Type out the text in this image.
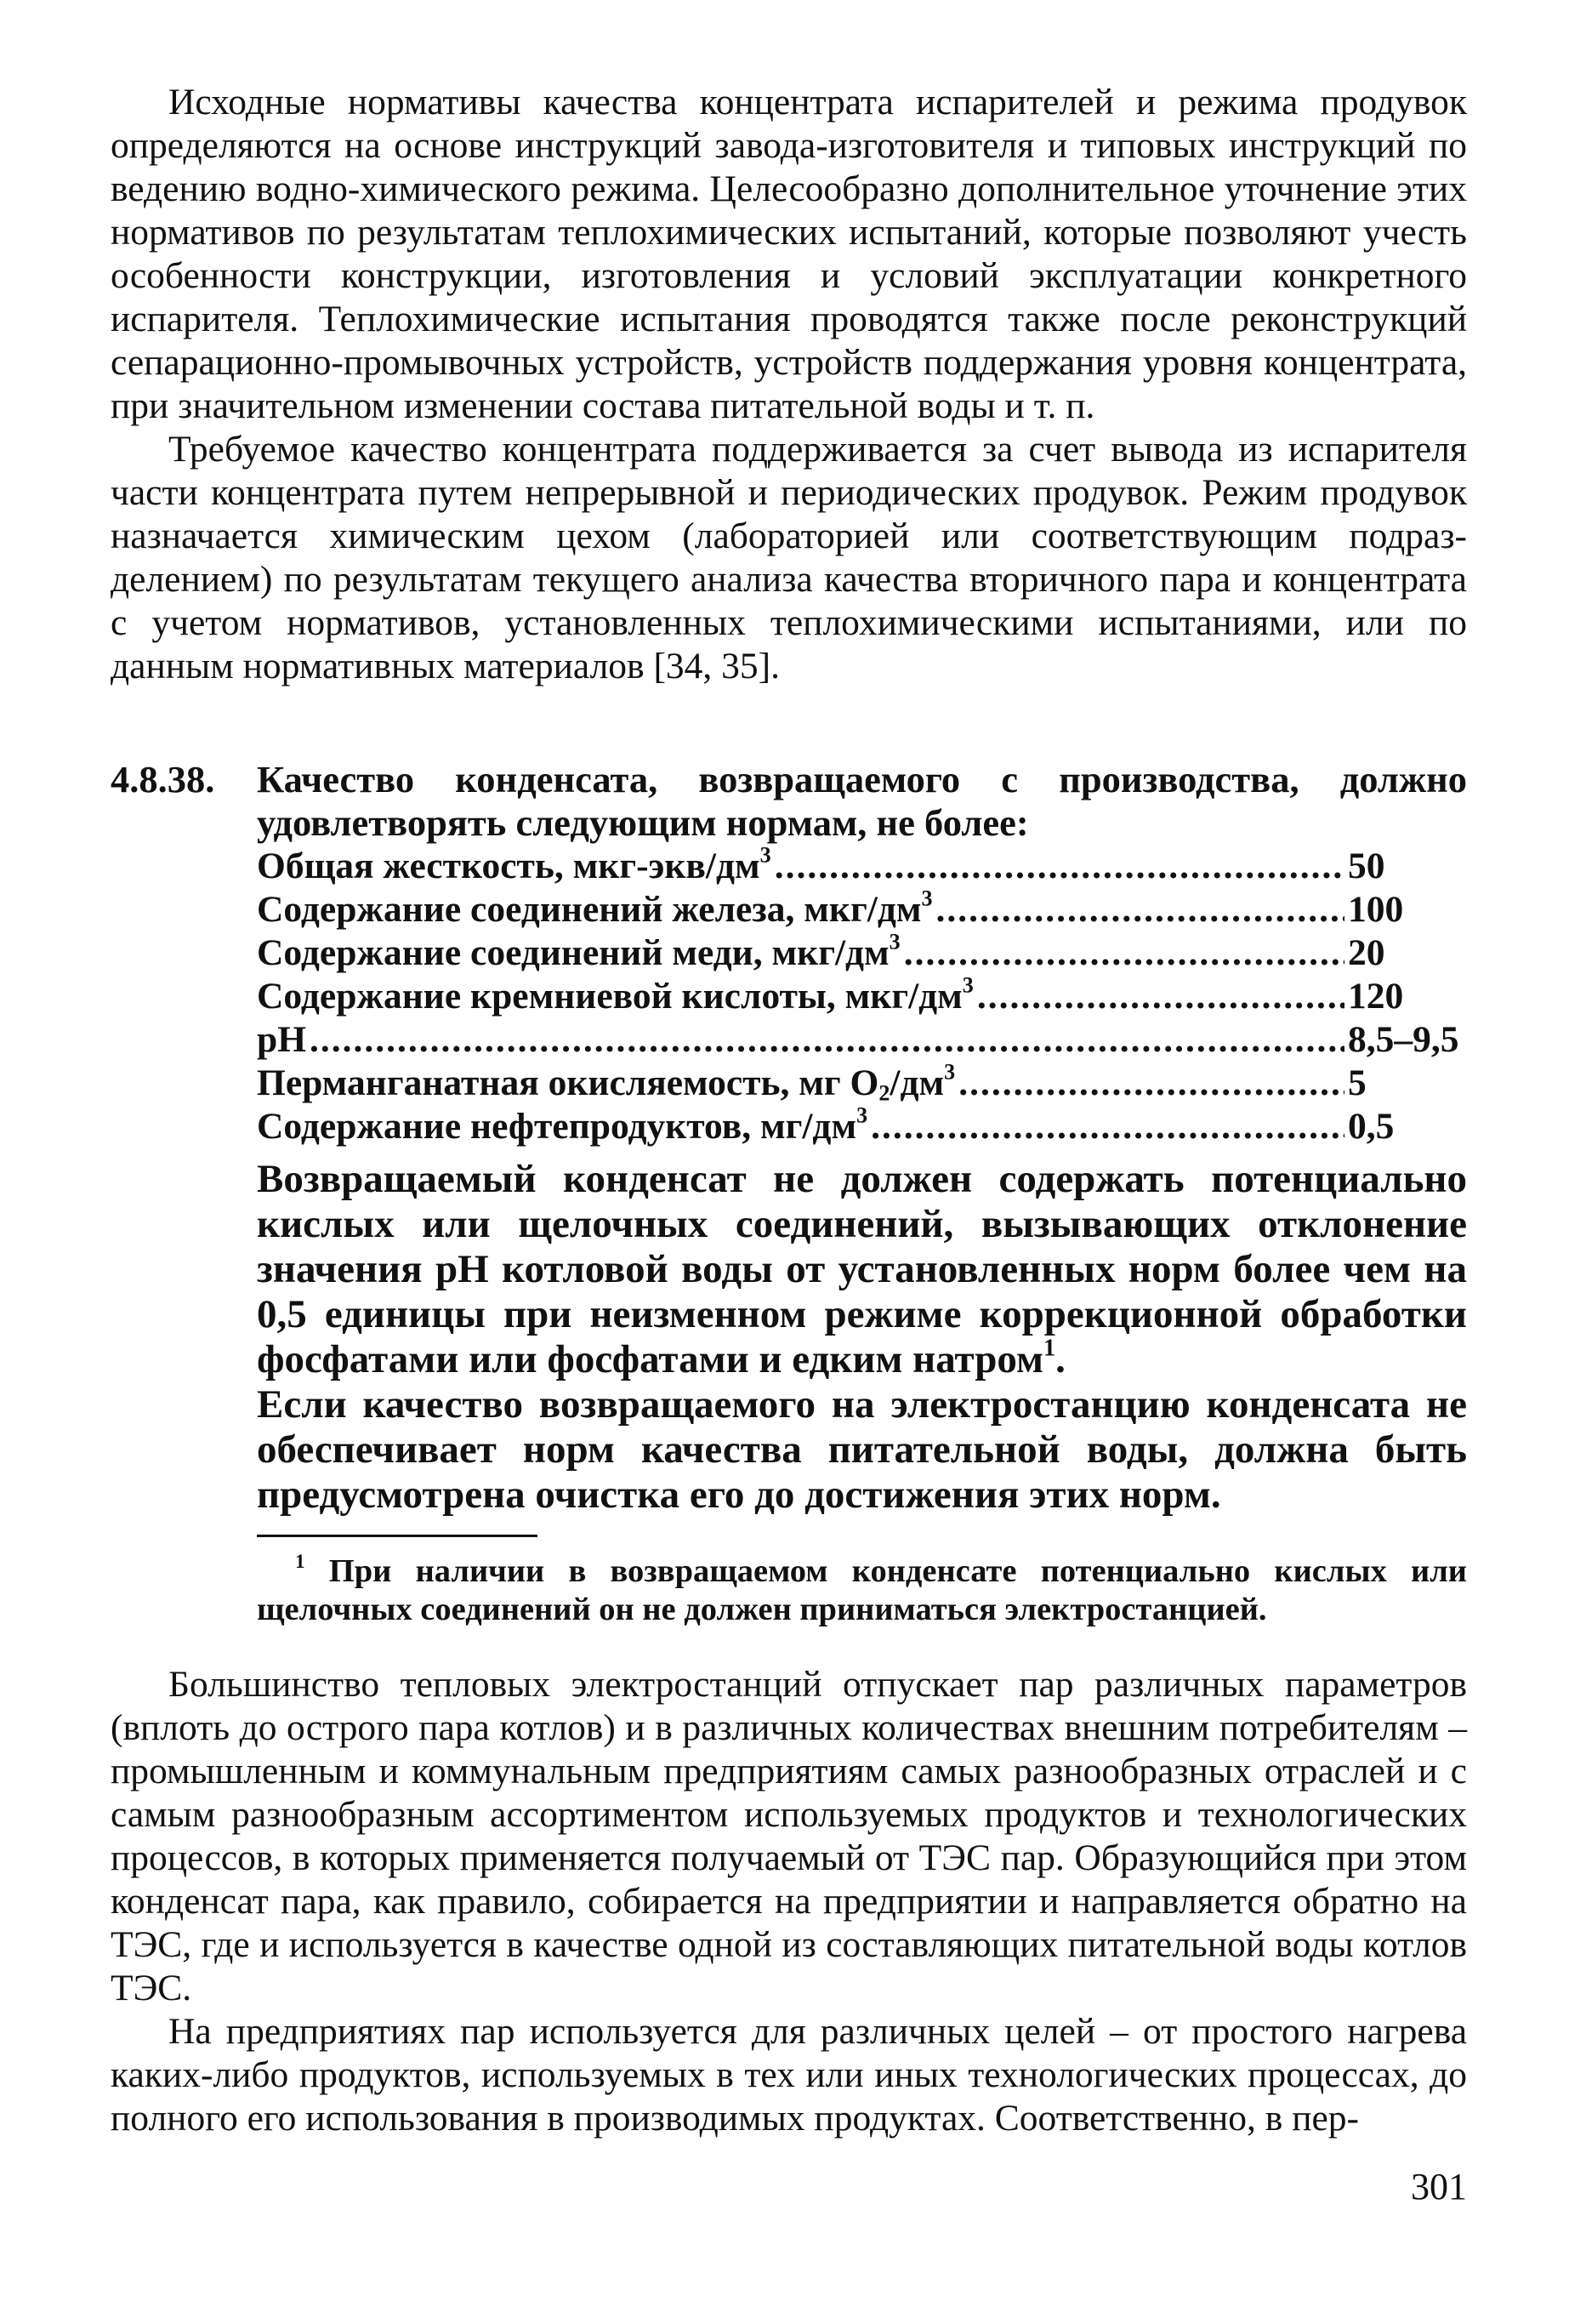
Исходные нормативы качества концентрата испарителей и режима продувок определяются на основе инструкций завода-изготовителя и типовых инструкций по ведению водно-химического режима. Целесообразно дополнительное уточнение этих нормативов по результатам теплохимических испытаний, которые позволяют учесть особенности конструкции, изготовления и условий эксплуатации конкретного испарителя. Теплохимические испытания проводятся также после реконструкций сепарационно-промывочных устройств, устройств поддержания уровня концентрата, при значительном изменении состава питательной воды и т. п.

Требуемое качество концентрата поддерживается за счет вывода из испарителя части концентрата путем непрерывной и периодических продувок. Режим продувок назначается химическим цехом (лабораторией или соответствующим подразделением) по результатам текущего анализа качества вторичного пара и концентрата с учетом нормативов, установленных теплохимическими испытаниями, или по данным нормативных материалов [34, 35].

4.8.38. Качество конденсата, возвращаемого с производства, должно удовлетворять следующим нормам, не более:
Общая жесткость, мкг-$экв/дм^3$ .....	50
Содержание соединений железа, мкг/$дм^3$ .....	100
Содержание соединений меди, мкг/$дм^3$ .....	20
Содержание кремниевой кислоты, мкг/$дм^3$ .....	120
рН .....	8,5–9,5
Перманганатная окисляемость, мг $О_2/дм^3$ .....	5
Содержание нефтепродуктов, $мг/дм^3$ .....	0,5

Возвращаемый конденсат не должен содержать потенциально кислых или щелочных соединений, вызывающих отклонение значения рН котловой воды от установленных норм более чем на 0,5 единицы при неизменном режиме коррекционной обработки фосфатами или фосфатами и едким натром$^1$.

Если качество возвращаемого на электростанцию конденсата не обеспечивает норм качества питательной воды, должна быть предусмотрена очистка его до достижения этих норм.

$^1$ При наличии в возвращаемом конденсате потенциально кислых или щелочных соединений он не должен приниматься электростанцией.

Большинство тепловых электростанций отпускает пар различных параметров (вплоть до острого пара котлов) и в различных количествах внешним потребителям – промышленным и коммунальным предприятиям самых разнообразных отраслей и с самым разнообразным ассортиментом используемых продуктов и технологических процессов, в которых применяется получаемый от ТЭС пар. Образующийся при этом конденсат пара, как правило, собирается на предприятии и направляется обратно на ТЭС, где и используется в качестве одной из составляющих питательной воды котлов ТЭС.

На предприятиях пар используется для различных целей – от простого нагрева каких-либо продуктов, используемых в тех или иных технологических процессах, до полного его использования в производимых продуктах. Соответственно, в пер-

301
